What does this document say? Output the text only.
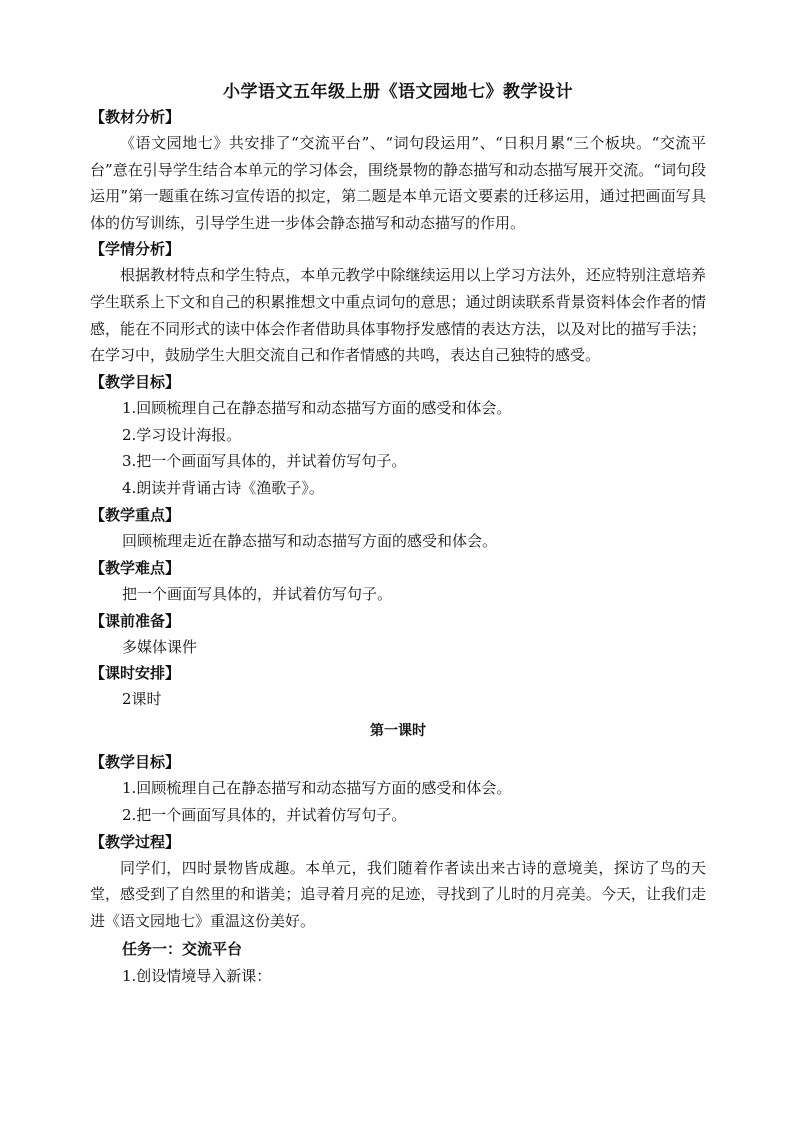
小学语文五年级上册《语文园地七》教学设计
【教材分析】

《语文园地七》共安排了“交流平台”、“词句段运用”、“日积月累“三个板块。“交流平台”意在引导学生结合本单元的学习体会，围绕景物的静态描写和动态描写展开交流。“词句段运用”第一题重在练习宣传语的拟定，第二题是本单元语文要素的迁移运用，通过把画面写具体的仿写训练，引导学生进一步体会静态描写和动态描写的作用。

【学情分析】

根据教材特点和学生特点，本单元教学中除继续运用以上学习方法外，还应特别注意培养学生联系上下文和自己的积累推想文中重点词句的意思；通过朗读联系背景资料体会作者的情感，能在不同形式的读中体会作者借助具体事物抒发感情的表达方法，以及对比的描写手法；在学习中，鼓励学生大胆交流自己和作者情感的共鸣，表达自己独特的感受。

【教学目标】

1.回顾梳理自己在静态描写和动态描写方面的感受和体会。

2.学习设计海报。

3.把一个画面写具体的，并试着仿写句子。

4.朗读并背诵古诗《渔歌子》。

【教学重点】

回顾梳理走近在静态描写和动态描写方面的感受和体会。

【教学难点】

把一个画面写具体的，并试着仿写句子。

【课前准备】

多媒体课件

【课时安排】

2课时

第一课时
【教学目标】

1.回顾梳理自己在静态描写和动态描写方面的感受和体会。

2.把一个画面写具体的，并试着仿写句子。

【教学过程】

同学们，四时景物皆成趣。本单元，我们随着作者读出来古诗的意境美，探访了鸟的天堂，感受到了自然里的和谐美；追寻着月亮的足迹，寻找到了儿时的月亮美。今天，让我们走进《语文园地七》重温这份美好。

任务一：交流平台

1.创设情境导入新课：
